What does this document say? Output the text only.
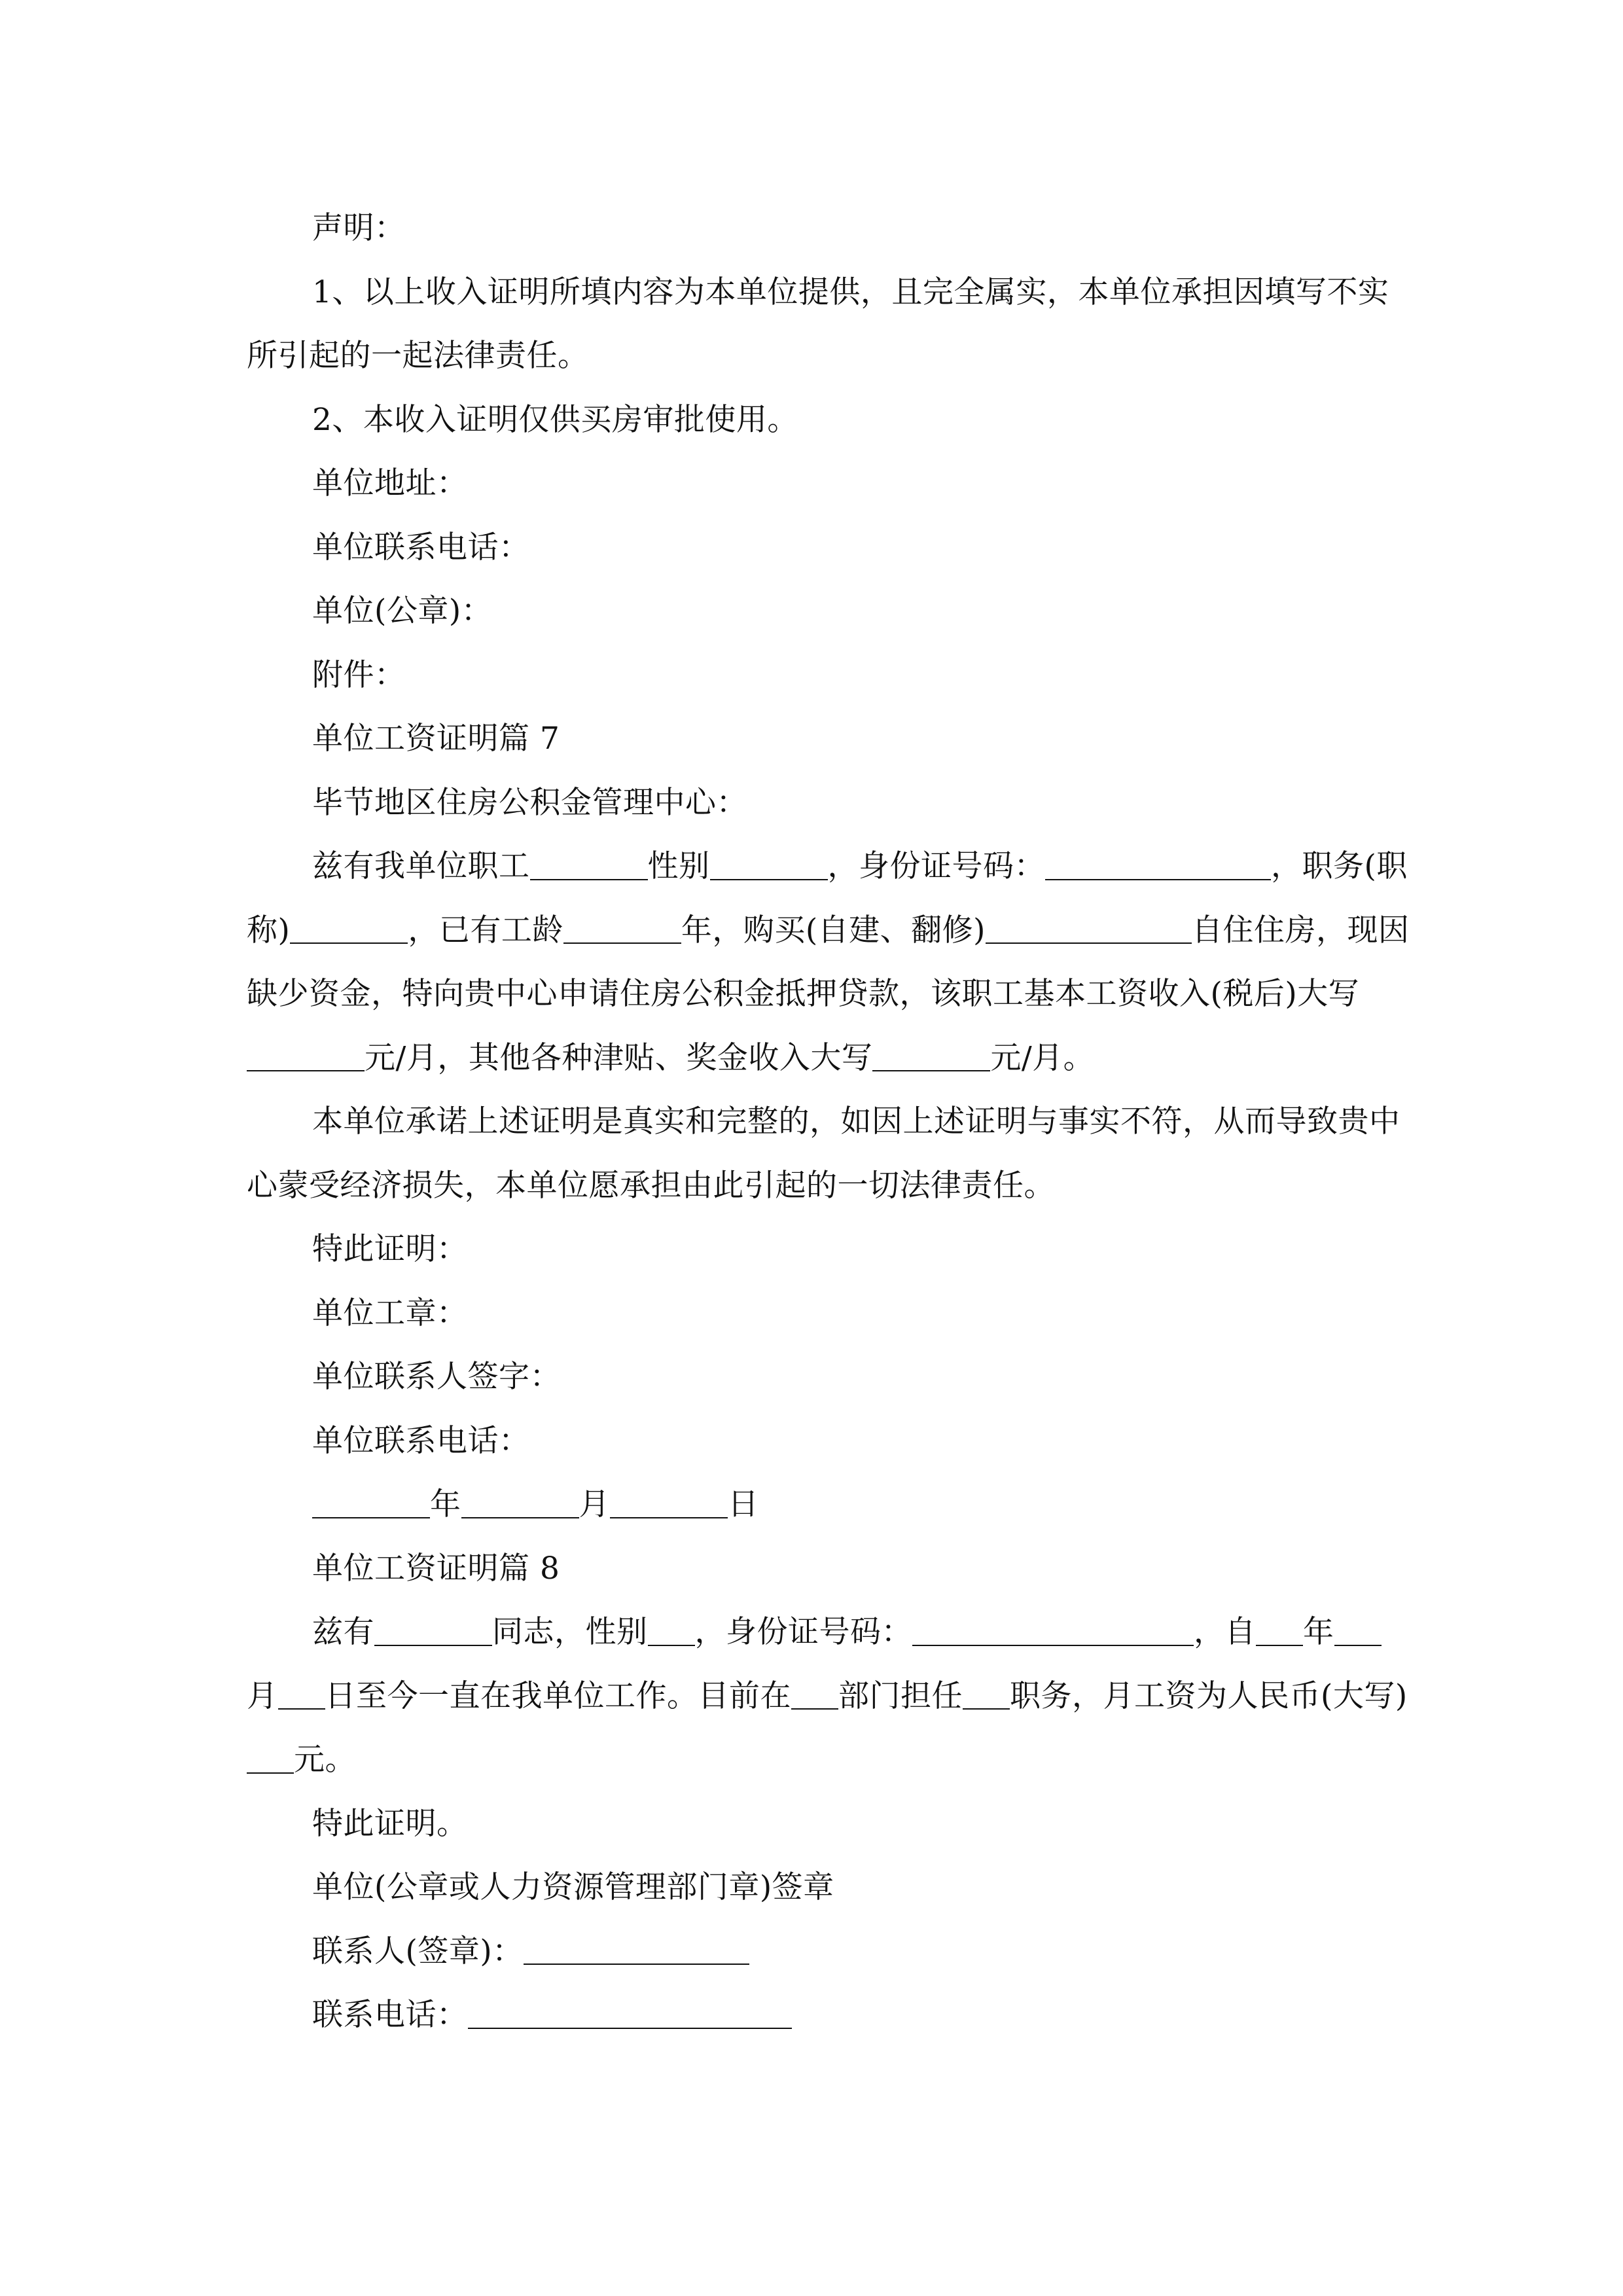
声明：

1、以上收入证明所填内容为本单位提供，且完全属实，本单位承担因填写不实所引起的一起法律责任。

2、本收入证明仅供买房审批使用。

单位地址：

单位联系电话：

单位(公章)：

附件：

单位工资证明篇 7

毕节地区住房公积金管理中心：

兹有我单位职工	性别	，身份证号码：	，职务(职称)	，已有工龄	年，购买(自建、翻修)	自住住房，现因缺少资金，特向贵中心申请住房公积金抵押贷款，该职工基本工资收入(税后)大写元/月，其他各种津贴、奖金收入大写	元/月。

本单位承诺上述证明是真实和完整的，如因上述证明与事实不符，从而导致贵中心蒙受经济损失，本单位愿承担由此引起的一切法律责任。

特此证明：

单位工章：

单位联系人签字：

单位联系电话：

年	月	日

单位工资证明篇 8

兹有	同志，性别 ，身份证号码：	，自 年月 日至今一直在我单位工作。目前在 部门担任 职务，月工资为人民币(大写)元。

特此证明。

单位(公章或人力资源管理部门章)签章

联系人(签章)：

联系电话：
